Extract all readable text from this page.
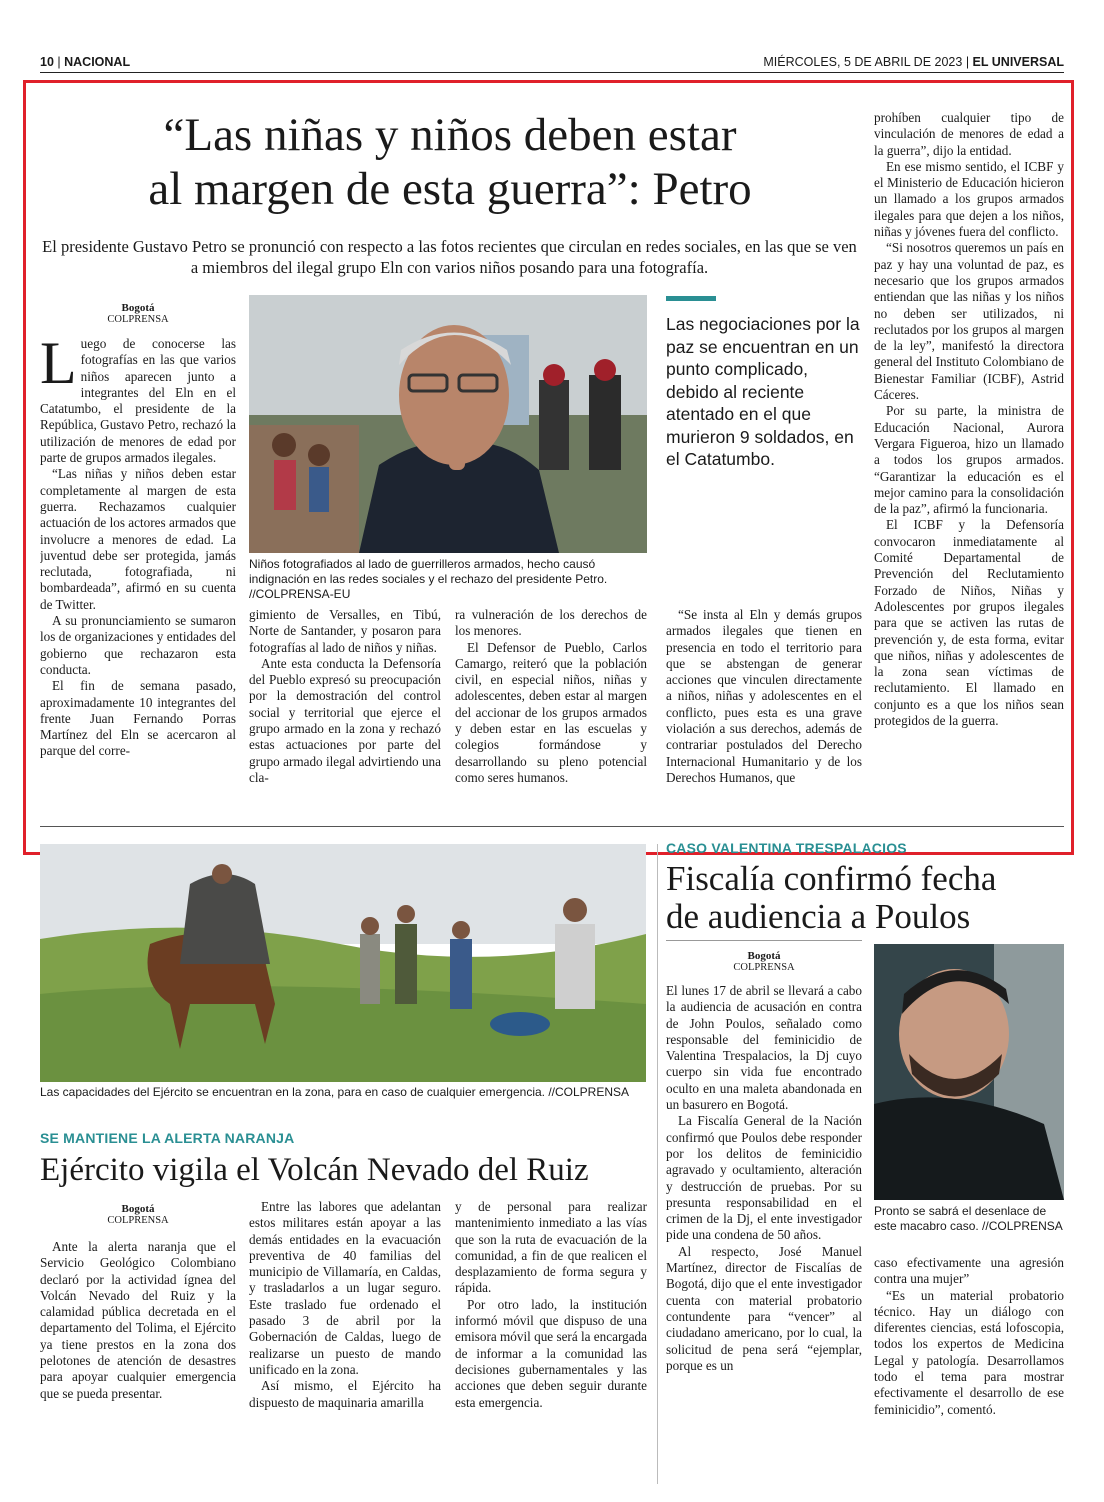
10 | NACIONAL	MIÉRCOLES, 5 DE ABRIL DE 2023 | EL UNIVERSAL
“Las niñas y niños deben estar
al margen de esta guerra”: Petro
El presidente Gustavo Petro se pronunció con respecto a las fotos recientes que circulan en redes sociales, en las que se ven a miembros del ilegal grupo Eln con varios niños posando para una fotografía.
Bogotá
COLPRENSA

Luego de conocerse las fotografías en las que varios niños aparecen junto a integrantes del Eln en el Catatumbo, el presidente de la República, Gustavo Petro, rechazó la utilización de menores de edad por parte de grupos armados ilegales.

“Las niñas y niños deben estar completamente al margen de esta guerra. Rechazamos cualquier actuación de los actores armados que involucre a menores de edad. La juventud debe ser protegida, jamás reclutada, fotografiada, ni bombardeada”, afirmó en su cuenta de Twitter.

A su pronunciamiento se sumaron los de organizaciones y entidades del gobierno que rechazaron esta conducta.

El fin de semana pasado, aproximadamente 10 integrantes del frente Juan Fernando Porras Martínez del Eln se acercaron al parque del corre-

Niños fotografiados al lado de guerrilleros armados, hecho causó indignación en las redes sociales y el rechazo del presidente Petro. //COLPRENSA-EU

gimiento de Versalles, en Tibú, Norte de Santander, y posaron para fotografías al lado de niños y niñas.

Ante esta conducta la Defensoría del Pueblo expresó su preocupación por la demostración del control social y territorial que ejerce el grupo armado en la zona y rechazó estas actuaciones por parte del grupo armado ilegal advirtiendo una cla-

ra vulneración de los derechos de los menores.

El Defensor de Pueblo, Carlos Camargo, reiteró que la población civil, en especial niños, niñas y adolescentes, deben estar al margen del accionar de los grupos armados y deben estar en las escuelas y colegios formándose y desarrollando su pleno potencial como seres humanos.

Las negociaciones por la paz se encuentran en un punto complicado, debido al reciente atentado en el que murieron 9 soldados, en el Catatumbo.

“Se insta al Eln y demás grupos armados ilegales que tienen en presencia en todo el territorio para que se abstengan de generar acciones que vinculen directamente a niños, niñas y adolescentes en el conflicto, pues esta es una grave violación a sus derechos, además de contrariar postulados del Derecho Internacional Humanitario y de los Derechos Humanos, que

prohíben cualquier tipo de vinculación de menores de edad a la guerra”, dijo la entidad.

En ese mismo sentido, el ICBF y el Ministerio de Educación hicieron un llamado a los grupos armados ilegales para que dejen a los niños, niñas y jóvenes fuera del conflicto.

“Si nosotros queremos un país en paz y hay una voluntad de paz, es necesario que los grupos armados entiendan que las niñas y los niños no deben ser utilizados, ni reclutados por los grupos al margen de la ley”, manifestó la directora general del Instituto Colombiano de Bienestar Familiar (ICBF), Astrid Cáceres.

Por su parte, la ministra de Educación Nacional, Aurora Vergara Figueroa, hizo un llamado a todos los grupos armados. “Garantizar la educación es el mejor camino para la consolidación de la paz”, afirmó la funcionaria.

El ICBF y la Defensoría convocaron inmediatamente al Comité Departamental de Prevención del Reclutamiento Forzado de Niños, Niñas y Adolescentes por grupos ilegales para que se activen las rutas de prevención y, de esta forma, evitar que niños, niñas y adolescentes de la zona sean víctimas de reclutamiento. El llamado en conjunto es a que los niños sean protegidos de la guerra.

Las capacidades del Ejército se encuentran en la zona, para en caso de cualquier emergencia. //COLPRENSA
SE MANTIENE LA ALERTA NARANJA
Ejército vigila el Volcán Nevado del Ruiz
Bogotá
COLPRENSA

Ante la alerta naranja que el Servicio Geológico Colombiano declaró por la actividad ígnea del Volcán Nevado del Ruiz y la calamidad pública decretada en el departamento del Tolima, el Ejército ya tiene prestos en la zona dos pelotones de atención de desastres para apoyar cualquier emergencia que se pueda presentar.

Entre las labores que adelantan estos militares están apoyar a las demás entidades en la evacuación preventiva de 40 familias del municipio de Villamaría, en Caldas, y trasladarlos a un lugar seguro. Este traslado fue ordenado el pasado 3 de abril por la Gobernación de Caldas, luego de realizarse un puesto de mando unificado en la zona.

Así mismo, el Ejército ha dispuesto de maquinaria amarilla

y de personal para realizar mantenimiento inmediato a las vías que son la ruta de evacuación de la comunidad, a fin de que realicen el desplazamiento de forma segura y rápida.

Por otro lado, la institución informó móvil que dispuso de una emisora móvil que será la encargada de informar a la comunidad las decisiones gubernamentales y las acciones que deben seguir durante esta emergencia.

CASO VALENTINA TRESPALACIOS
Fiscalía confirmó fecha
de audiencia a Poulos
Bogotá
COLPRENSA

El lunes 17 de abril se llevará a cabo la audiencia de acusación en contra de John Poulos, señalado como responsable del feminicidio de Valentina Trespalacios, la Dj cuyo cuerpo sin vida fue encontrado oculto en una maleta abandonada en un basurero en Bogotá.

La Fiscalía General de la Nación confirmó que Poulos debe responder por los delitos de feminicidio agravado y ocultamiento, alteración y destrucción de pruebas. Por su presunta responsabilidad en el crimen de la Dj, el ente investigador pide una condena de 50 años.

Al respecto, José Manuel Martínez, director de Fiscalías de Bogotá, dijo que el ente investigador cuenta con material probatorio contundente para “vencer” al ciudadano americano, por lo cual, la solicitud de pena será “ejemplar, porque es un

Pronto se sabrá el desenlace de este macabro caso. //COLPRENSA

caso efectivamente una agresión contra una mujer”

“Es un material probatorio técnico. Hay un diálogo con diferentes ciencias, está lofoscopia, todos los expertos de Medicina Legal y patología. Desarrollamos todo el tema para mostrar efectivamente el desarrollo de ese feminicidio”, comentó.
